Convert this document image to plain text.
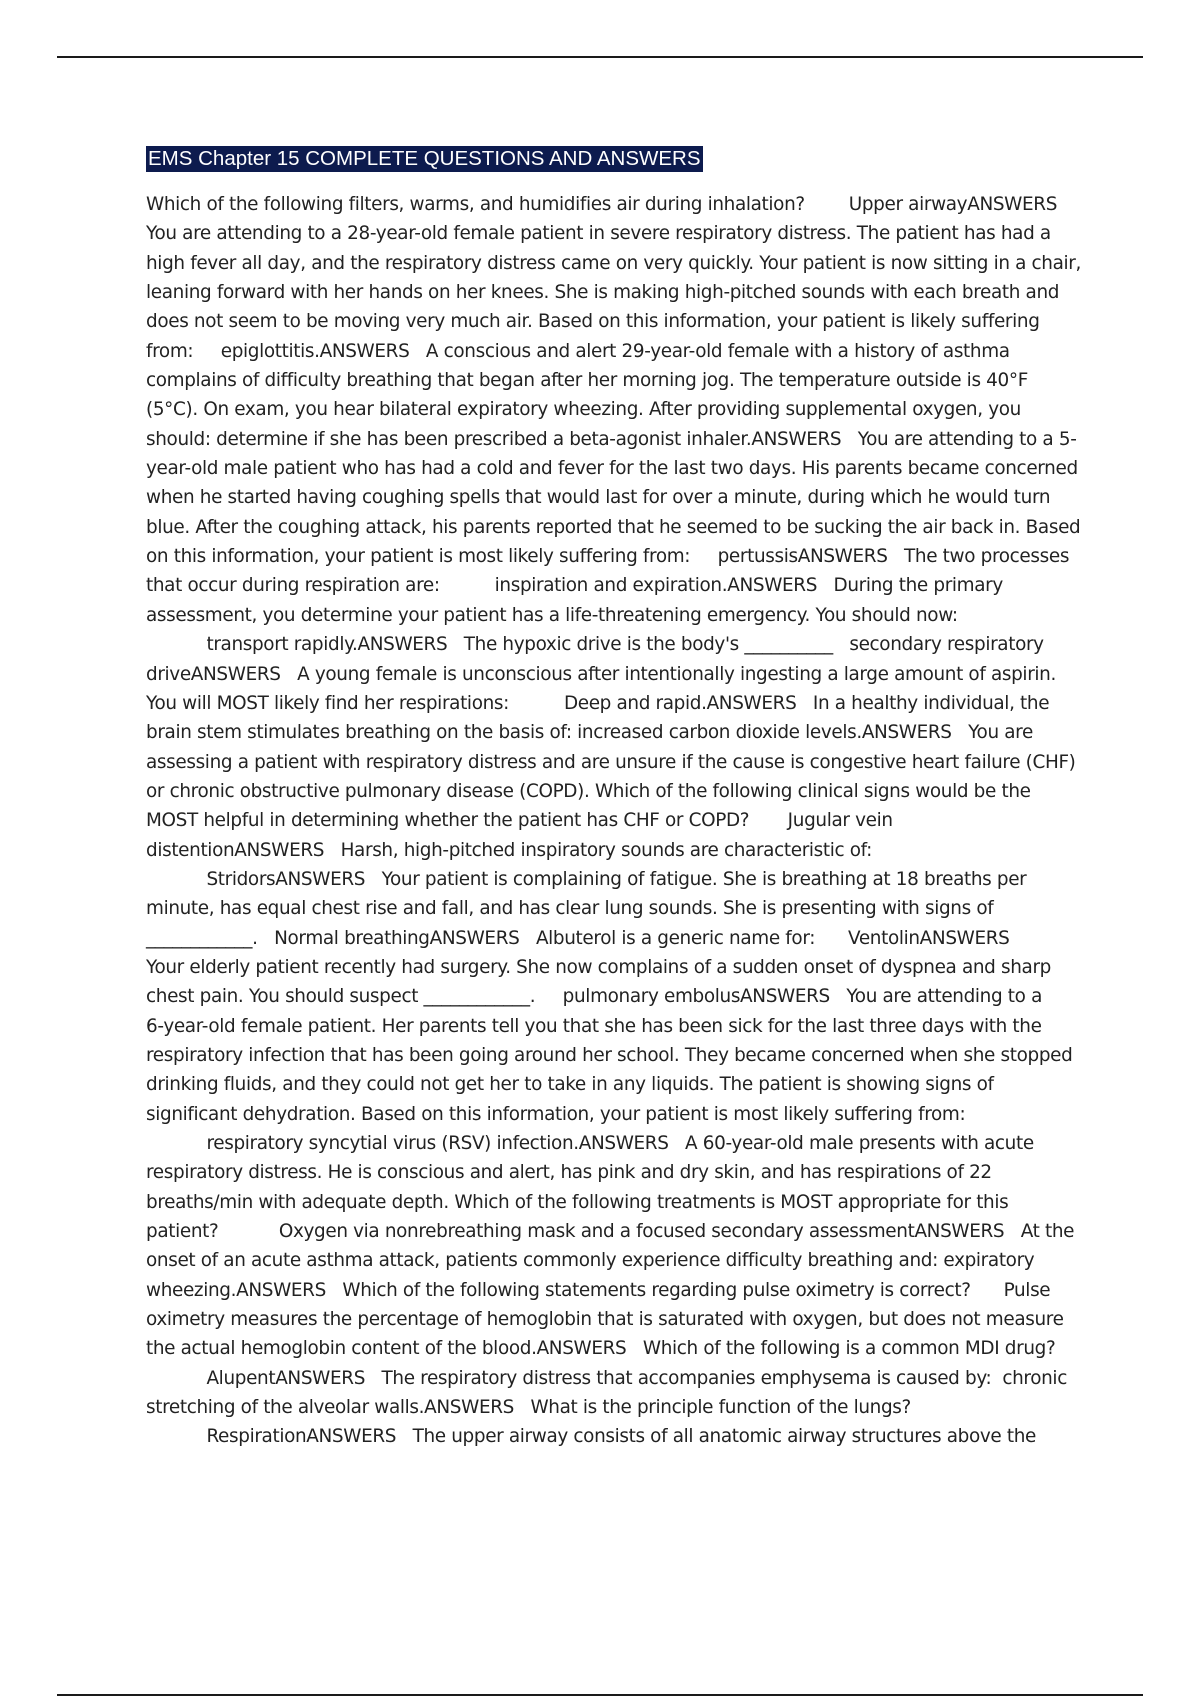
EMS Chapter 15 COMPLETE QUESTIONS AND ANSWERS
Which of the following filters, warms, and humidifies air during inhalation?        Upper airwayANSWERS
You are attending to a 28-year-old female patient in severe respiratory distress. The patient has had a
high fever all day, and the respiratory distress came on very quickly. Your patient is now sitting in a chair,
leaning forward with her hands on her knees. She is making high-pitched sounds with each breath and
does not seem to be moving very much air. Based on this information, your patient is likely suffering
from:     epiglottitis.ANSWERS   A conscious and alert 29-year-old female with a history of asthma
complains of difficulty breathing that began after her morning jog. The temperature outside is 40°F
(5°C). On exam, you hear bilateral expiratory wheezing. After providing supplemental oxygen, you
should: determine if she has been prescribed a beta-agonist inhaler.ANSWERS   You are attending to a 5-
year-old male patient who has had a cold and fever for the last two days. His parents became concerned
when he started having coughing spells that would last for over a minute, during which he would turn
blue. After the coughing attack, his parents reported that he seemed to be sucking the air back in. Based
on this information, your patient is most likely suffering from:     pertussisANSWERS   The two processes
that occur during respiration are:          inspiration and expiration.ANSWERS   During the primary
assessment, you determine your patient has a life-threatening emergency. You should now:
transport rapidly.ANSWERS   The hypoxic drive is the body's __________   secondary respiratory
driveANSWERS   A young female is unconscious after intentionally ingesting a large amount of aspirin.
You will MOST likely find her respirations:          Deep and rapid.ANSWERS   In a healthy individual, the
brain stem stimulates breathing on the basis of: increased carbon dioxide levels.ANSWERS   You are
assessing a patient with respiratory distress and are unsure if the cause is congestive heart failure (CHF)
or chronic obstructive pulmonary disease (COPD). Which of the following clinical signs would be the
MOST helpful in determining whether the patient has CHF or COPD?       Jugular vein
distentionANSWERS   Harsh, high-pitched inspiratory sounds are characteristic of:
StridorsANSWERS   Your patient is complaining of fatigue. She is breathing at 18 breaths per
minute, has equal chest rise and fall, and has clear lung sounds. She is presenting with signs of
____________.   Normal breathingANSWERS   Albuterol is a generic name for:      VentolinANSWERS
Your elderly patient recently had surgery. She now complains of a sudden onset of dyspnea and sharp
chest pain. You should suspect ____________.     pulmonary embolusANSWERS   You are attending to a
6-year-old female patient. Her parents tell you that she has been sick for the last three days with the
respiratory infection that has been going around her school. They became concerned when she stopped
drinking fluids, and they could not get her to take in any liquids. The patient is showing signs of
significant dehydration. Based on this information, your patient is most likely suffering from:
respiratory syncytial virus (RSV) infection.ANSWERS   A 60-year-old male presents with acute
respiratory distress. He is conscious and alert, has pink and dry skin, and has respirations of 22
breaths/min with adequate depth. Which of the following treatments is MOST appropriate for this
patient?           Oxygen via nonrebreathing mask and a focused secondary assessmentANSWERS   At the
onset of an acute asthma attack, patients commonly experience difficulty breathing and: expiratory
wheezing.ANSWERS   Which of the following statements regarding pulse oximetry is correct?      Pulse
oximetry measures the percentage of hemoglobin that is saturated with oxygen, but does not measure
the actual hemoglobin content of the blood.ANSWERS   Which of the following is a common MDI drug?
AlupentANSWERS   The respiratory distress that accompanies emphysema is caused by:  chronic
stretching of the alveolar walls.ANSWERS   What is the principle function of the lungs?
RespirationANSWERS   The upper airway consists of all anatomic airway structures above the
